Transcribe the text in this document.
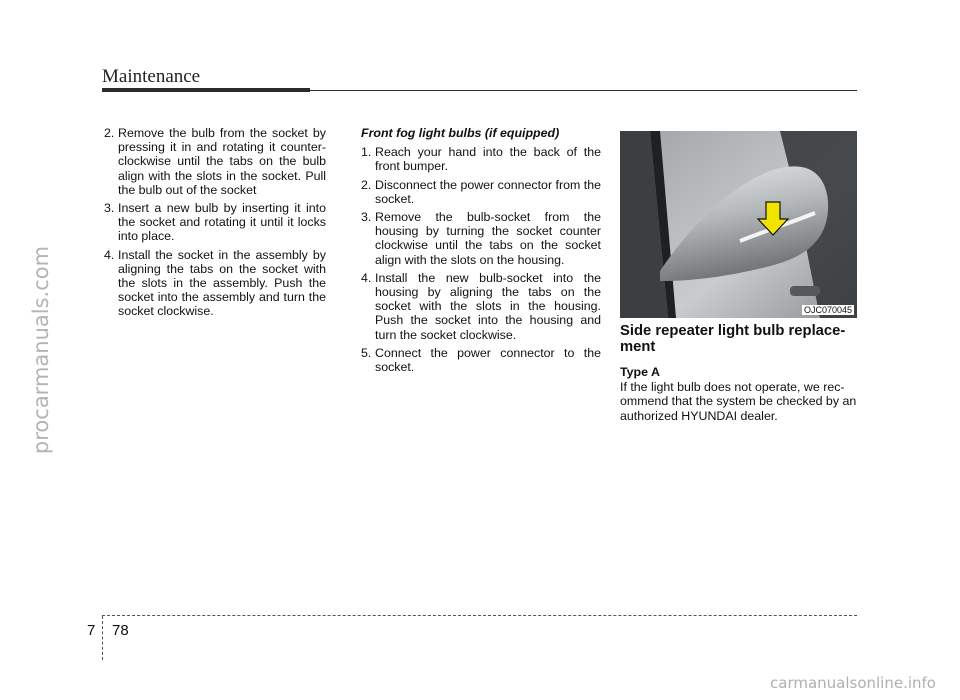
procarmanuals.com
Maintenance
2. Remove the bulb from the socket by pressing it in and rotating it counter-clockwise until the tabs on the bulb align with the slots in the socket. Pull the bulb out of the socket
3. Insert a new bulb by inserting it into the socket and rotating it until it locks into place.
4. Install the socket in the assembly by aligning the tabs on the socket with the slots in the assembly. Push the socket into the assembly and turn the socket clockwise.
Front fog light bulbs (if equipped)
1. Reach your hand into the back of the front bumper.
2. Disconnect the power connector from the socket.
3. Remove the bulb-socket from the housing by turning the socket counter clockwise until the tabs on the socket align with the slots on the housing.
4. Install the new bulb-socket into the housing by aligning the tabs on the socket with the slots in the housing. Push the socket into the housing and turn the socket clockwise.
5. Connect the power connector to the socket.
OJC070045
Side repeater light bulb replace-ment
Type A

If the light bulb does not operate, we rec-ommend that the system be checked by an authorized HYUNDAI dealer.

7 78
carmanualsonline.info
